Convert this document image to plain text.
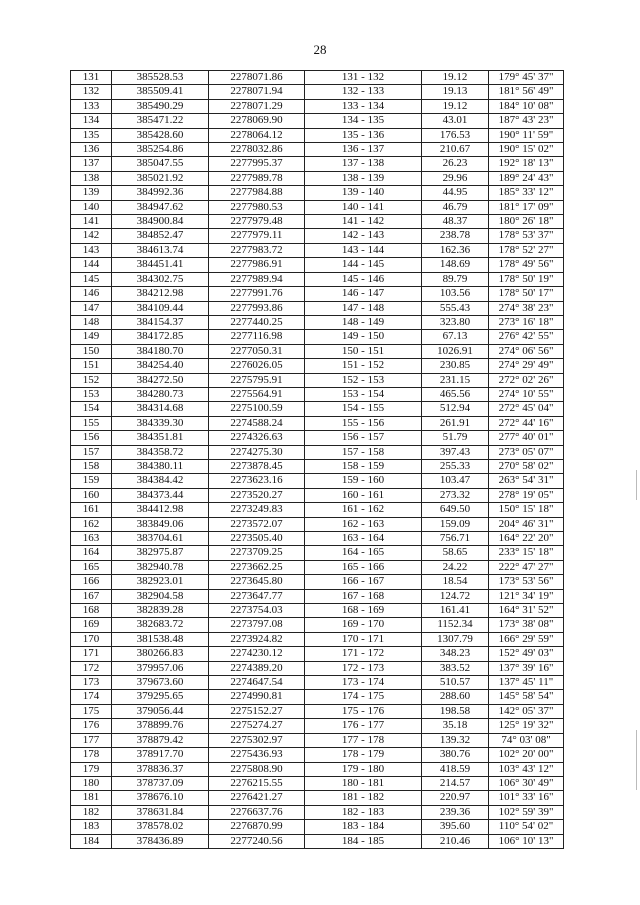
28
131	385528.53	2278071.86	131 - 132	19.12	179° 45' 37"
132	385509.41	2278071.94	132 - 133	19.13	181° 56' 49"
133	385490.29	2278071.29	133 - 134	19.12	184° 10' 08"
134	385471.22	2278069.90	134 - 135	43.01	187° 43' 23"
135	385428.60	2278064.12	135 - 136	176.53	190° 11' 59"
136	385254.86	2278032.86	136 - 137	210.67	190° 15' 02"
137	385047.55	2277995.37	137 - 138	26.23	192° 18' 13"
138	385021.92	2277989.78	138 - 139	29.96	189° 24' 43"
139	384992.36	2277984.88	139 - 140	44.95	185° 33' 12"
140	384947.62	2277980.53	140 - 141	46.79	181° 17' 09"
141	384900.84	2277979.48	141 - 142	48.37	180° 26' 18"
142	384852.47	2277979.11	142 - 143	238.78	178° 53' 37"
143	384613.74	2277983.72	143 - 144	162.36	178° 52' 27"
144	384451.41	2277986.91	144 - 145	148.69	178° 49' 56"
145	384302.75	2277989.94	145 - 146	89.79	178° 50' 19"
146	384212.98	2277991.76	146 - 147	103.56	178° 50' 17"
147	384109.44	2277993.86	147 - 148	555.43	274° 38' 23"
148	384154.37	2277440.25	148 - 149	323.80	273° 16' 18"
149	384172.85	2277116.98	149 - 150	67.13	276° 42' 55"
150	384180.70	2277050.31	150 - 151	1026.91	274° 06' 56"
151	384254.40	2276026.05	151 - 152	230.85	274° 29' 49"
152	384272.50	2275795.91	152 - 153	231.15	272° 02' 26"
153	384280.73	2275564.91	153 - 154	465.56	274° 10' 55"
154	384314.68	2275100.59	154 - 155	512.94	272° 45' 04"
155	384339.30	2274588.24	155 - 156	261.91	272° 44' 16"
156	384351.81	2274326.63	156 - 157	51.79	277° 40' 01"
157	384358.72	2274275.30	157 - 158	397.43	273° 05' 07"
158	384380.11	2273878.45	158 - 159	255.33	270° 58' 02"
159	384384.42	2273623.16	159 - 160	103.47	263° 54' 31"
160	384373.44	2273520.27	160 - 161	273.32	278° 19' 05"
161	384412.98	2273249.83	161 - 162	649.50	150° 15' 18"
162	383849.06	2273572.07	162 - 163	159.09	204° 46' 31"
163	383704.61	2273505.40	163 - 164	756.71	164° 22' 20"
164	382975.87	2273709.25	164 - 165	58.65	233° 15' 18"
165	382940.78	2273662.25	165 - 166	24.22	222° 47' 27"
166	382923.01	2273645.80	166 - 167	18.54	173° 53' 56"
167	382904.58	2273647.77	167 - 168	124.72	121° 34' 19"
168	382839.28	2273754.03	168 - 169	161.41	164° 31' 52"
169	382683.72	2273797.08	169 - 170	1152.34	173° 38' 08"
170	381538.48	2273924.82	170 - 171	1307.79	166° 29' 59"
171	380266.83	2274230.12	171 - 172	348.23	152° 49' 03"
172	379957.06	2274389.20	172 - 173	383.52	137° 39' 16"
173	379673.60	2274647.54	173 - 174	510.57	137° 45' 11"
174	379295.65	2274990.81	174 - 175	288.60	145° 58' 54"
175	379056.44	2275152.27	175 - 176	198.58	142° 05' 37"
176	378899.76	2275274.27	176 - 177	35.18	125° 19' 32"
177	378879.42	2275302.97	177 - 178	139.32	74° 03' 08"
178	378917.70	2275436.93	178 - 179	380.76	102° 20' 00"
179	378836.37	2275808.90	179 - 180	418.59	103° 43' 12"
180	378737.09	2276215.55	180 - 181	214.57	106° 30' 49"
181	378676.10	2276421.27	181 - 182	220.97	101° 33' 16"
182	378631.84	2276637.76	182 - 183	239.36	102° 59' 39"
183	378578.02	2276870.99	183 - 184	395.60	110° 54' 02"
184	378436.89	2277240.56	184 - 185	210.46	106° 10' 13"
